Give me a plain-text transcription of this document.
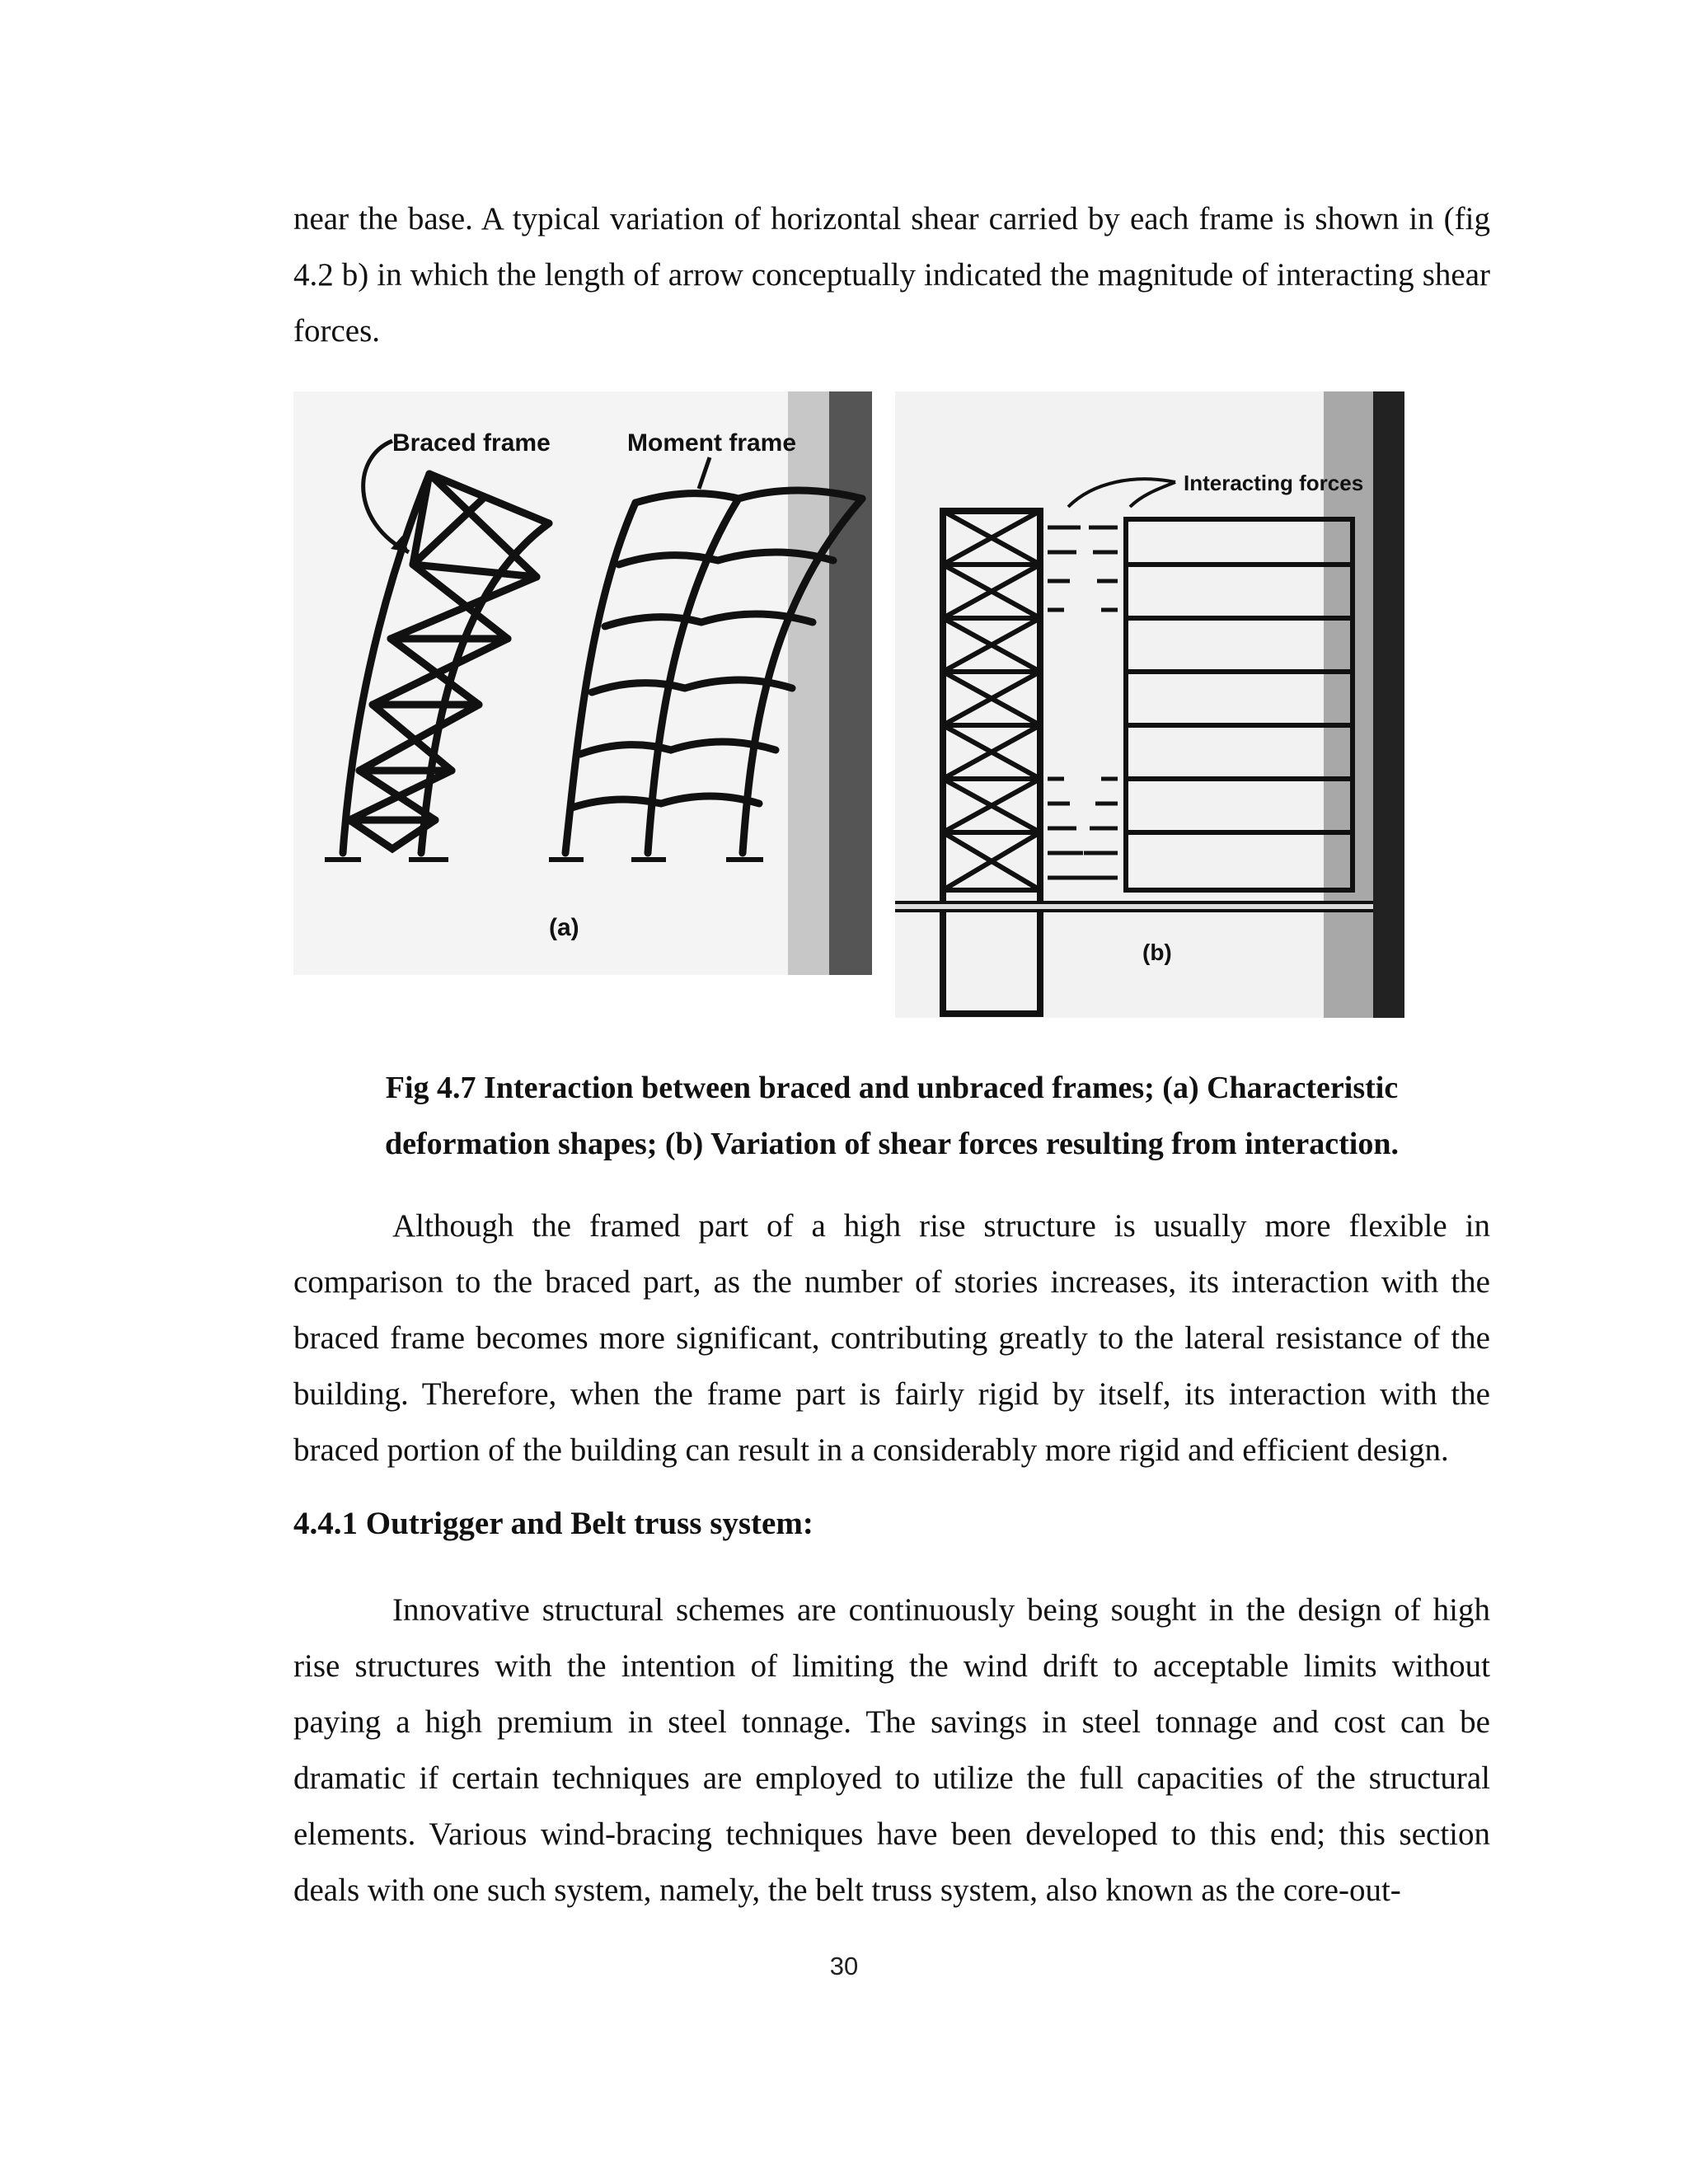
near the base. A typical variation of horizontal shear carried by each frame is shown in (fig 4.2 b) in which the length of arrow conceptually indicated the magnitude of interacting shear forces.
Braced frame	Moment frame
(a)
Interacting forces
(b)
Fig 4.7 Interaction between braced and unbraced frames; (a) Characteristic
deformation shapes; (b) Variation of shear forces resulting from interaction.
Although the framed part of a high rise structure is usually more flexible in comparison to the braced part, as the number of stories increases, its interaction with the braced frame becomes more significant, contributing greatly to the lateral resistance of the building. Therefore, when the frame part is fairly rigid by itself, its interaction with the braced portion of the building can result in a considerably more rigid and efficient design.
4.4.1 Outrigger and Belt truss system:
Innovative structural schemes are continuously being sought in the design of high rise structures with the intention of limiting the wind drift to acceptable limits without paying a high premium in steel tonnage. The savings in steel tonnage and cost can be dramatic if certain techniques are employed to utilize the full capacities of the structural elements. Various wind-bracing techniques have been developed to this end; this section deals with one such system, namely, the belt truss system, also known as the core-out-
30
